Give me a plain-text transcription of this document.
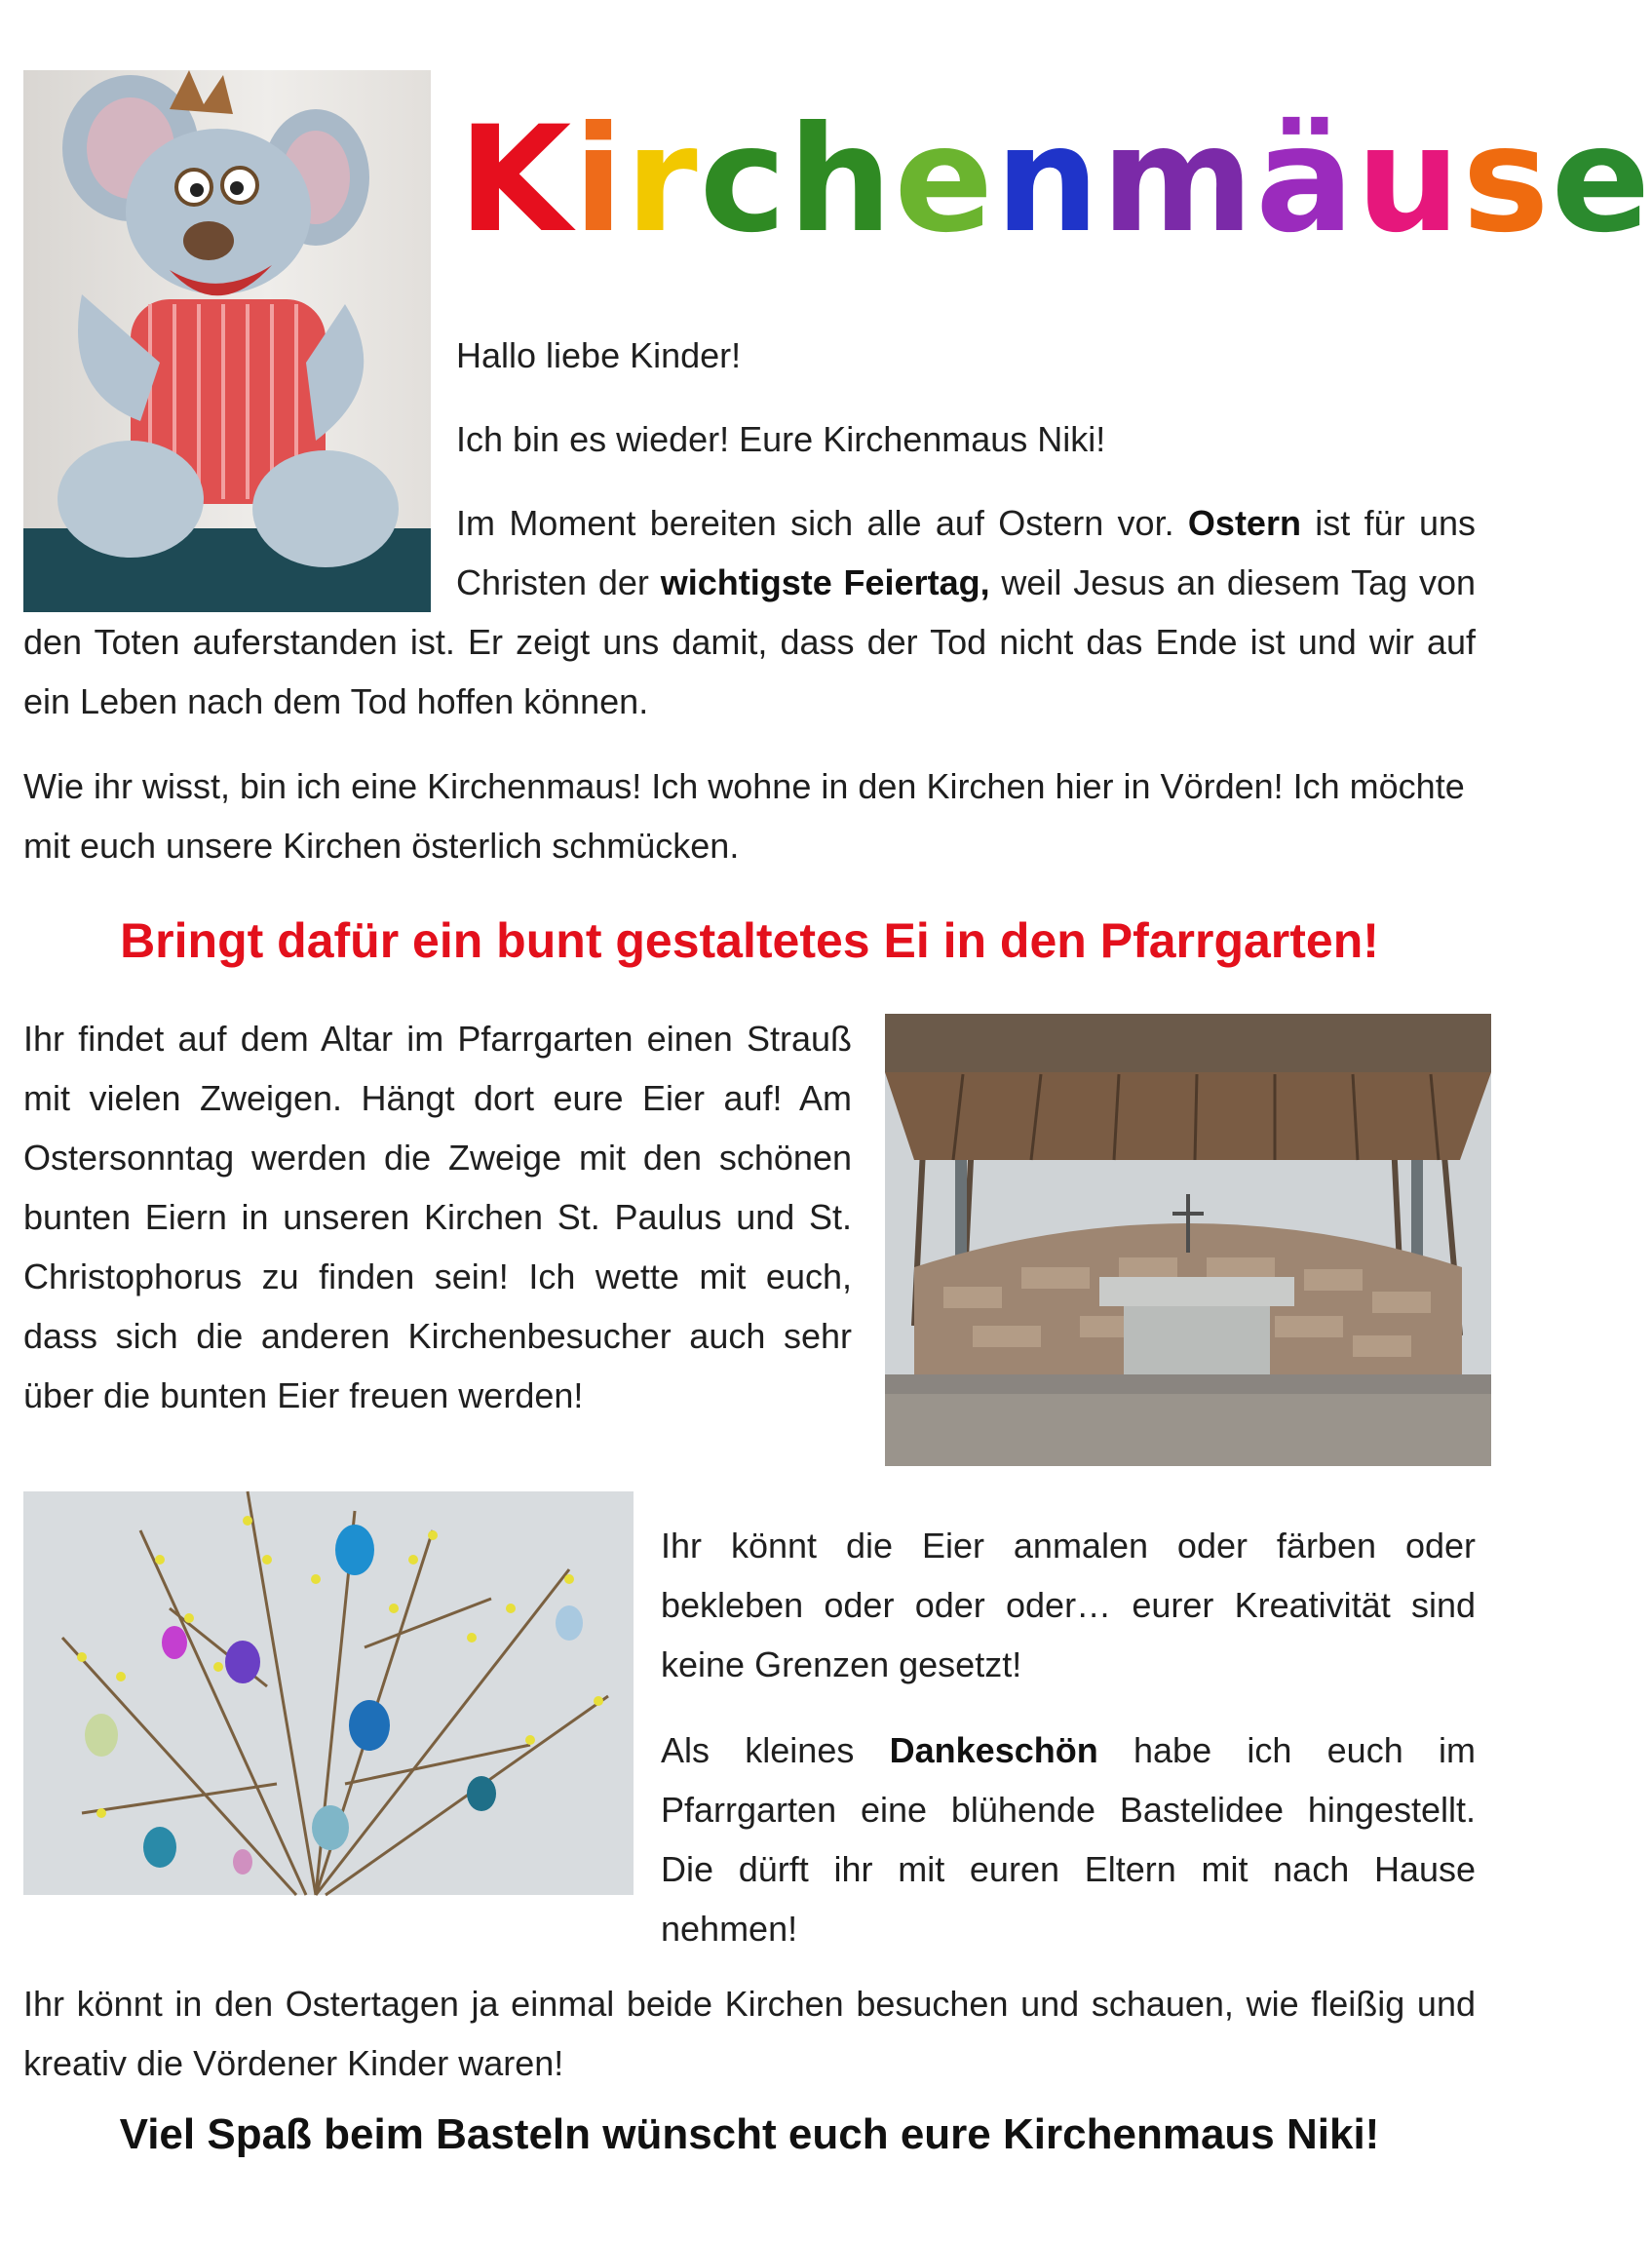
Kirchenmäuse
Hallo liebe Kinder!
Ich bin es wieder! Eure Kirchenmaus Niki!
Im Moment bereiten sich alle auf Ostern vor. Ostern ist für uns Christen der wichtigste Feiertag, weil Jesus an diesem Tag von den Toten auferstanden ist. Er zeigt uns damit, dass der Tod nicht das Ende ist und wir auf ein Leben nach dem Tod hoffen können.
Wie ihr wisst, bin ich eine Kirchenmaus! Ich wohne in den Kirchen hier in Vörden! Ich möchte mit euch unsere Kirchen österlich schmücken.
Bringt dafür ein bunt gestaltetes Ei in den Pfarrgarten!
Ihr findet auf dem Altar im Pfarrgarten einen Strauß mit vielen Zweigen. Hängt dort eure Eier auf! Am Ostersonntag werden die Zweige mit den schönen bunten Eiern in unseren Kirchen St. Paulus und St. Christophorus zu finden sein! Ich wette mit euch, dass sich die anderen Kirchenbesucher auch sehr über die bunten Eier freuen werden!
Ihr könnt die Eier anmalen oder färben oder bekleben oder oder oder… eurer Kreativität sind keine Grenzen gesetzt!
Als kleines Dankeschön habe ich euch im Pfarrgarten eine blühende Bastelidee hingestellt. Die dürft ihr mit euren Eltern mit nach Hause nehmen!
Ihr könnt in den Ostertagen ja einmal beide Kirchen besuchen und schauen, wie fleißig und kreativ die Vördener Kinder waren!
Viel Spaß beim Basteln wünscht euch eure Kirchenmaus Niki!
